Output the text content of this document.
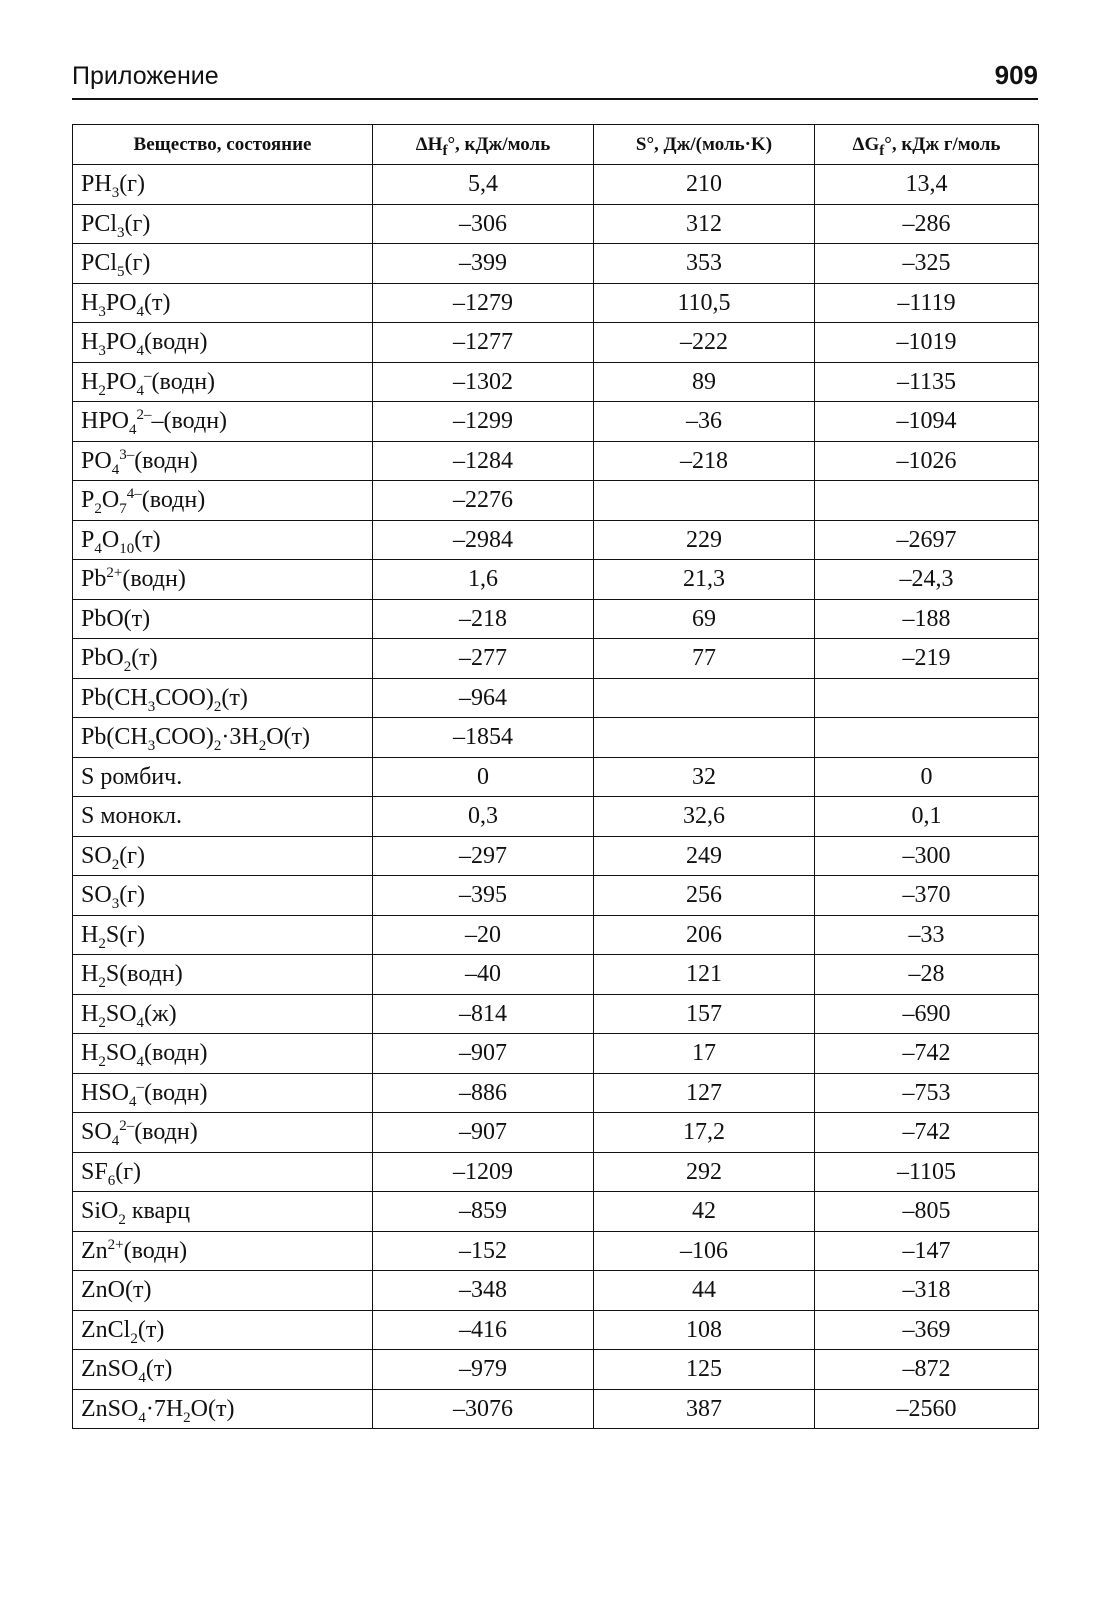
Приложение	909
Вещество, состояние	$\Delta H_f^\circ$, кДж/моль	S°, Дж/(моль·K)	$\Delta G_f^\circ$, кДж г/моль
$PH_3(г)$	5,4	210	13,4
PCl$_3$(г)	–306	312	–286
PCl$_5$(г)	–399	353	–325
$H_3PO_4(т)$	–1279	110,5	–1119
$H_3PO_4(водн)$	–1277	–222	–1019
$H_2PO_4^-(водн)$	–1302	89	–1135
$HPO_4^{2-}-(водн)$	–1299	–36	–1094
$PO_4^{3-}(водн)$	–1284	–218	–1026
$P_2O_7^{4-}(водн)$	–2276		
$P_4O_{10}(т)$	–2984	229	–2697
$Pb^{2+}(водн)$	1,6	21,3	–24,3
PbO(т)	–218	69	–188
PbO$_2$(т)	–277	77	–219
$Pb(CH_3COO)_2(т)$	–964		
$Pb(CH_3COO)_2\cdot 3H_2O(т)$	–1854		
S ромбич.	0	32	0
S монокл.	0,3	32,6	0,1
$SO_2(г)$	–297	249	–300
$SO_3(г)$	–395	256	–370
$H_2S(г)$	–20	206	–33
$H_2S(водн)$	–40	121	–28
$H_2SO_4(ж)$	–814	157	–690
$H_2SO_4(водн)$	–907	17	–742
$HSO_4^-(водн)$	–886	127	–753
$SO_4^{2-}(водн)$	–907	17,2	–742
$SF_6(г)$	–1209	292	–1105
SiO$_2$ кварц	–859	42	–805
$Zn^{2+}(водн)$	–152	–106	–147
ZnO(т)	–348	44	–318
ZnCl$_2$(т)	–416	108	–369
ZnSO$_4$(т)	–979	125	–872
$ZnSO_4\cdot 7H_2O(т)$	–3076	387	–2560
